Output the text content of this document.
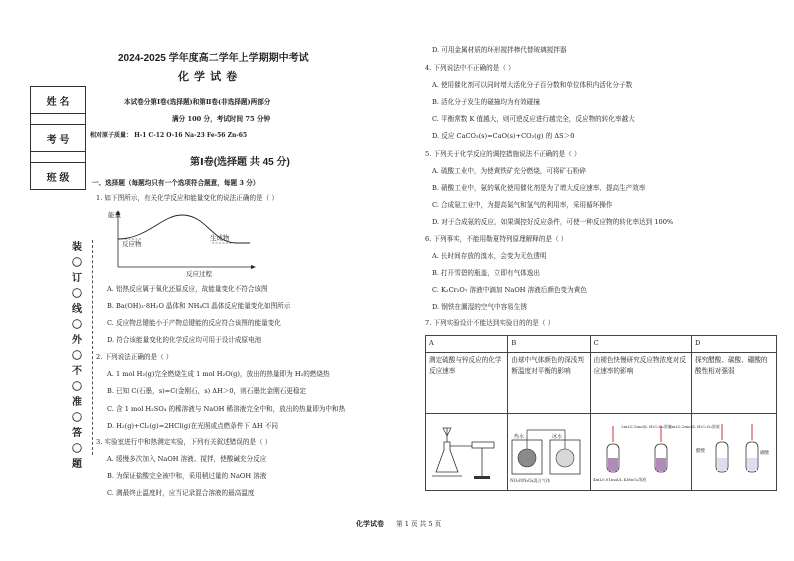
2024-2025 学年度高二学年上学期期中考试
化 学 试 卷
本试卷分第Ⅰ卷(选择题)和第Ⅱ卷(非选择题)两部分
满分 100 分，考试时间 75 分钟
相对原子质量： H-1 C-12 O-16 Na-23 Fe-56 Zn-65
姓 名

考 号

班 级
装
〇
订
〇
线
〇
外
〇
不
〇
准
〇
答
〇
题
第Ⅰ卷(选择题 共 45 分)
一、选择题（每题均只有一个选项符合题意，每题 3 分）
1. 如下图所示，有关化学反应和能量变化的说法正确的是（ ）
能量
反应物
生成物
反应过程
A. 铝热反应属于氧化还原反应，故能量变化不符合该图
B. Ba(OH)₂·8H₂O 晶体和 NH₄Cl 晶体反应能量变化如图所示
C. 反应物总键能小于产物总键能的反应符合该图的能量变化
D. 符合该能量变化的化学反应均可用于设计成原电池
2. 下列说法正确的是（ ）
A. 1 mol H₂(g)完全燃烧生成 1 mol H₂O(g)，放出的热量即为 H₂的燃烧热
B. 已知 C(石墨，s)=C(金刚石，s) ΔH＞0，则石墨比金刚石更稳定
C. 含 1 mol H₂SO₄ 的稀溶液与 NaOH 稀溶液完全中和，放出的热量即为中和热
D. H₂(g)+Cl₂(g)=2HCl(g)在光照或点燃条件下 ΔH 不同
3. 实验室进行中和热测定实验，下列有关叙述错误的是（ ）
A. 缓慢多次加入 NaOH 溶液、搅拌，使酸碱充分反应
B. 为保证盐酸完全被中和，采用稍过量的 NaOH 溶液
C. 测最终止温度时，应当记录混合溶液的最高温度
D. 可用金属材质的环形搅拌棒代替玻璃搅拌器
4. 下列说法中不正确的是（ ）
A. 使用催化剂可以同时增大活化分子百分数和单位体积内活化分子数
B. 活化分子发生的碰撞均为有效碰撞
C. 平衡常数 K 值越大，则可逆反应进行越完全，反应物的转化率越大
D. 反应 CaCO₃(s)=CaO(s)+CO₂(g) 的 ΔS＞0
5. 下列关于化学反应的调控措施说法不正确的是（ ）
A. 硫酸工业中，为使黄铁矿充分燃烧，可将矿石粉碎
B. 硝酸工业中，氨的氧化使用催化剂是为了增大反应速率、提高生产效率
C. 合成氨工业中，为提高氮气和氢气的利用率，采用循环操作
D. 对于合成氨的反应，如果调控好反应条件，可使一种反应物的转化率达到 100%
6. 下列事实，不能用勒夏特列原理解释的是（ ）
A. 长时间存放的溴水，会变为无色透明
B. 打开雪碧的瓶盖，立即有气体逸出
C. K₂Cr₂O₇ 溶液中滴加 NaOH 溶液后颜色变为黄色
D. 钢铁在潮湿的空气中容易生锈
7. 下列实验设计不能达到实验目的的是（ ）
A	B	C	D
测定硫酸与锌反应的化学反应速率	由球中气体颜色的深浅判断温度对平衡的影响	由褪色快慢研究反应物浓度对反应速率的影响	探究醋酸、碳酸、硼酸的酸性相对强弱

热水 冰水
NO₂和N₂O₄混合气体	2mL0.1mol/L H₂C₂O₄溶液
2mL0.2mol/L H₂C₂O₄溶液
4mL0.01mol/L KMnO₄溶液	醋酸 硼酸
化学试卷 第 1 页 共 5 页
